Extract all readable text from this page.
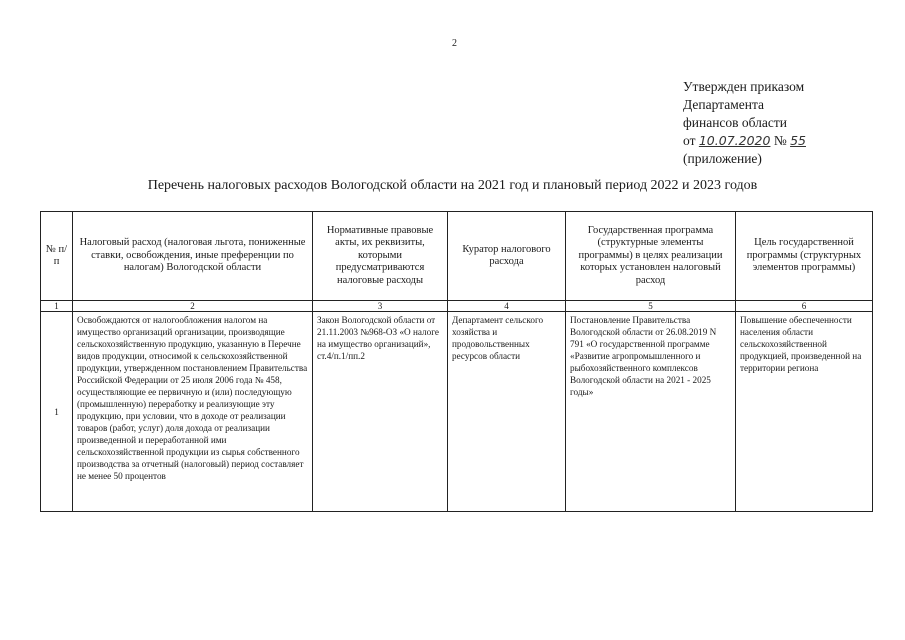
2
Утвержден приказом
Департамента
финансов области
от 10.07.2020 № 55
(приложение)
Перечень налоговых расходов Вологодской области на 2021 год и плановый период 2022 и 2023 годов
№ п/п	Налоговый расход (налоговая льгота, пониженные ставки, освобождения, иные преференции по налогам) Вологодской области	Нормативные правовые акты, их реквизиты, которыми предусматриваются налоговые расходы	Куратор налогового расхода	Государственная программа (структурные элементы программы) в целях реализации которых установлен налоговый расход	Цель государственной программы (структурных элементов программы)
1	2	3	4	5	6
1	Освобождаются от налогообложения налогом на имущество организаций организации, производящие сельскохозяйственную продукцию, указанную в Перечне видов продукции, относимой к сельскохозяйственной продукции, утвержденном постановлением Правительства Российской Федерации от 25 июля 2006 года № 458, осуществляющие ее первичную и (или) последующую (промышленную) переработку и реализующие эту продукцию, при условии, что в доходе от реализации товаров (работ, услуг) доля дохода от реализации произведенной и переработанной ими сельскохозяйственной продукции из сырья собственного производства за отчетный (налоговый) период составляет не менее 50 процентов	Закон Вологодской области от 21.11.2003 №968-ОЗ «О налоге на имущество организаций», ст.4/п.1/пп.2	Департамент сельского хозяйства и продовольственных ресурсов области	Постановление Правительства Вологодской области от 26.08.2019 N 791 «О государственной программе «Развитие агропромышленного и рыбохозяйственного комплексов Вологодской области на 2021 - 2025 годы»	Повышение обеспеченности населения области сельскохозяйственной продукцией, произведенной на территории региона
